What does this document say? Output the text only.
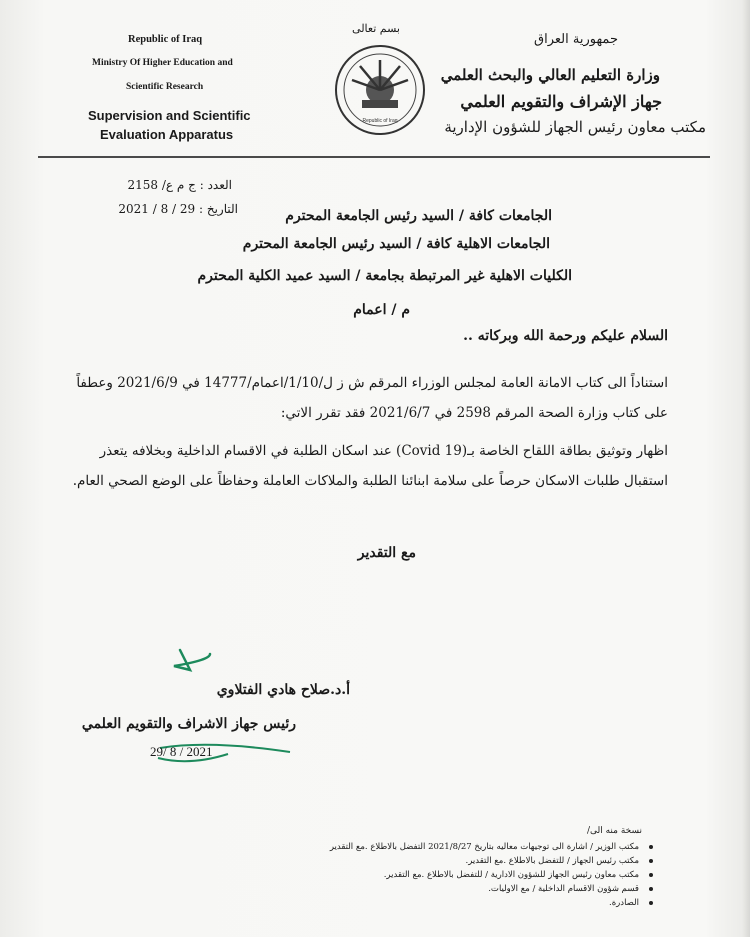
Republic of Iraq
Ministry Of Higher Education and
Scientific Research
Supervision and Scientific
Evaluation Apparatus
بسم تعالى
Republic of Iraq
جمهورية العراق
وزارة التعليم العالي والبحث العلمي
جهاز الإشراف والتقويم العلمي
مكتب معاون رئيس الجهاز للشؤون الإدارية
العدد : ج م ع/ 2158
التاريخ : 29 / 8 / 2021	الجامعات كافة / السيد رئيس الجامعة المحترم
الجامعات الاهلية كافة / السيد رئيس الجامعة المحترم
الكليات الاهلية غير المرتبطة بجامعة / السيد عميد الكلية المحترم
م / اعمام
السلام عليكم ورحمة الله وبركاته ..
استناداً الى كتاب الامانة العامة لمجلس الوزراء المرقم ش ز ل/1/10/اعمام/14777 في 2021/6/9 وعطفاً على كتاب وزارة الصحة المرقم 2598 في 2021/6/7 فقد تقرر الاتي:
اظهار وتوثيق بطاقة اللقاح الخاصة بـ(Covid 19) عند اسكان الطلبة في الاقسام الداخلية وبخلافه يتعذر استقبال طلبات الاسكان حرصاً على سلامة ابنائنا الطلبة والملاكات العاملة وحفاظاً على الوضع الصحي العام.
مع التقدير
أ.د.صلاح هادي الفتلاوي
رئيس جهاز الاشراف والتقويم العلمي
29/ 8 / 2021
نسخة منه الى/
مكتب الوزير / اشارة الى توجيهات معاليه بتاريخ 2021/8/27 التفضل بالاطلاع .مع التقدير
مكتب رئيس الجهاز / للتفضل بالاطلاع .مع التقدير.
مكتب معاون رئيس الجهاز للشؤون الادارية / للتفضل بالاطلاع .مع التقدير.
قسم شؤون الاقسام الداخلية / مع الاوليات.
الصادرة.
